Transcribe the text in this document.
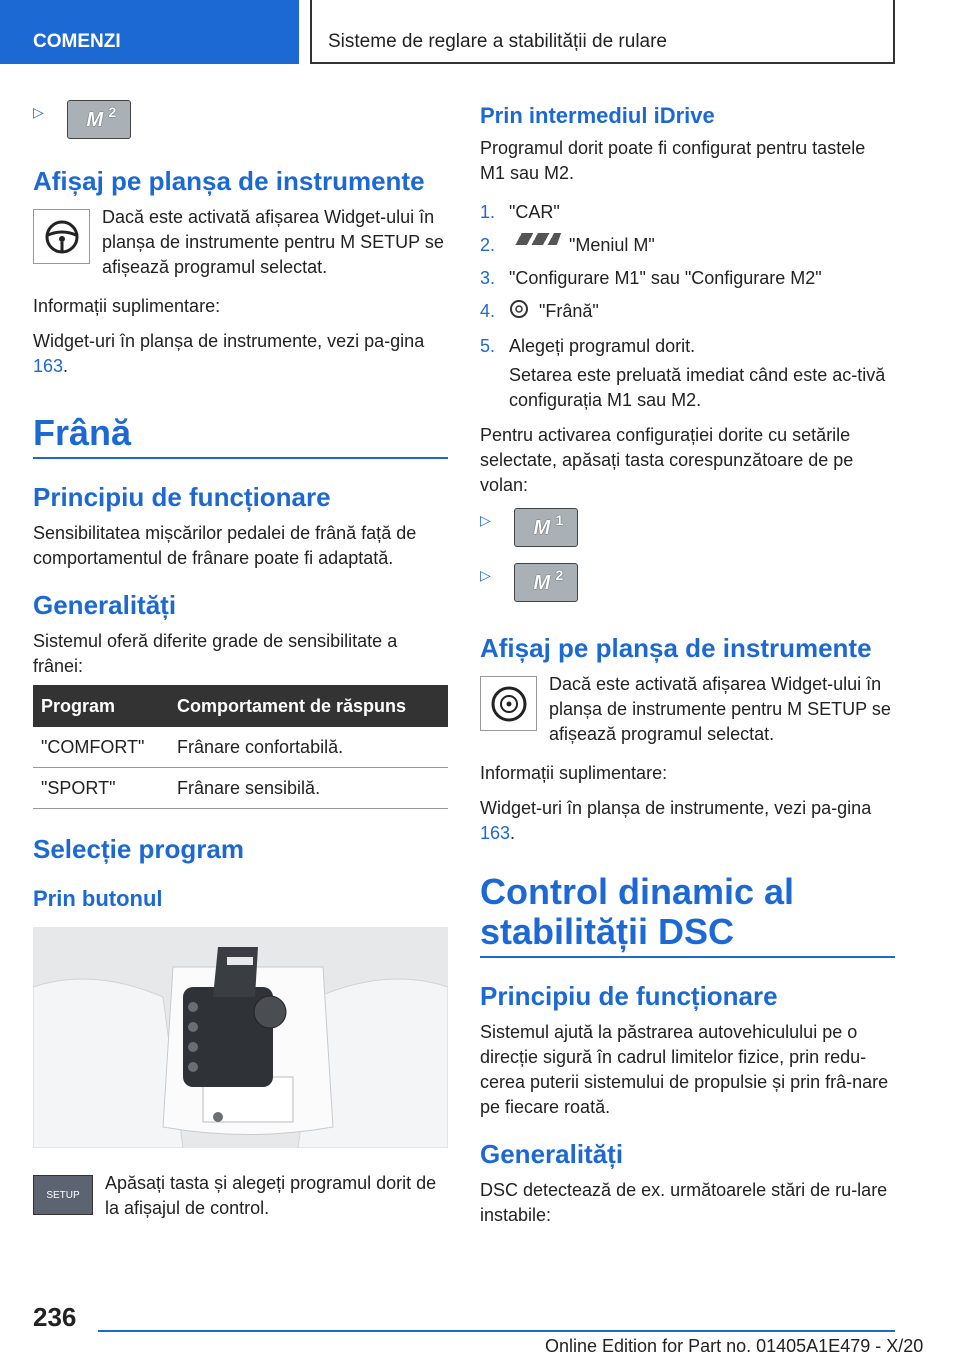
COMENZI	Sisteme de reglare a stabilității de rulare
▷ M 2
Afișaj pe planșa de instrumente

Dacă este activată afișarea Widget-ului în planșa de instrumente pentru M SETUP se afișează programul selectat.

Informații suplimentare:

Widget-uri în planșa de instrumente, vezi pa-gina 163.

Frână
Principiu de funcționare

Sensibilitatea mișcărilor pedalei de frână față de comportamentul de frânare poate fi adaptată.

Generalități

Sistemul oferă diferite grade de sensibilitate a frânei:

Program	Comportament de răspuns
"COMFORT"	Frânare confortabilă.
"SPORT"	Frânare sensibilă.
Selecție program
Prin butonul
SETUP

Apăsați tasta și alegeți programul dorit de la afișajul de control.

Prin intermediul iDrive

Programul dorit poate fi configurat pentru tastele M1 sau M2.

1. "CAR"
2.	"Meniul M"
3. "Configurare M1" sau "Configurare M2"
4.	"Frână"
5. Alegeți programul dorit.

Setarea este preluată imediat când este ac-tivă configurația M1 sau M2.

Pentru activarea configurației dorite cu setările selectate, apăsați tasta corespunzătoare de pe volan:

▷ M 1
▷ M 2
Afișaj pe planșa de instrumente

Dacă este activată afișarea Widget-ului în planșa de instrumente pentru M SETUP se afișează programul selectat.

Informații suplimentare:

Widget-uri în planșa de instrumente, vezi pa-gina 163.

Control dinamic al stabilității DSC
Principiu de funcționare

Sistemul ajută la păstrarea autovehiculului pe o direcție sigură în cadrul limitelor fizice, prin redu-cerea puterii sistemului de propulsie și prin frâ-nare pe fiecare roată.

Generalități

DSC detectează de ex. următoarele stări de ru-lare instabile:

236
Online Edition for Part no. 01405A1E479 - X/20
